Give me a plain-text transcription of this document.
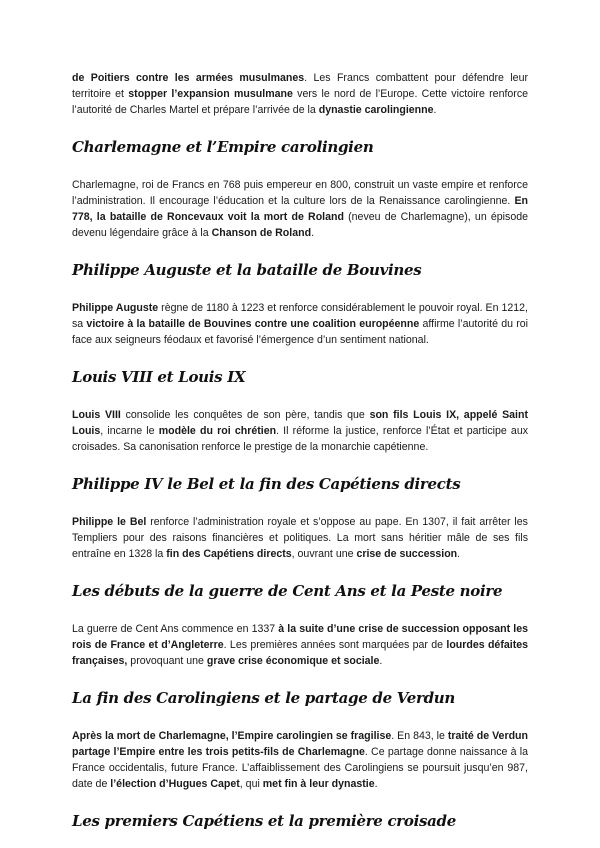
de Poitiers contre les armées musulmanes. Les Francs combattent pour défendre leur territoire et stopper l’expansion musulmane vers le nord de l’Europe. Cette victoire renforce l’autorité de Charles Martel et prépare l’arrivée de la dynastie carolingienne.

Charlemagne et l’Empire carolingien

Charlemagne, roi de Francs en 768 puis empereur en 800, construit un vaste empire et renforce l’administration. Il encourage l’éducation et la culture lors de la Renaissance carolingienne. En 778, la bataille de Roncevaux voit la mort de Roland (neveu de Charlemagne), un épisode devenu légendaire grâce à la Chanson de Roland.

Philippe Auguste et la bataille de Bouvines

Philippe Auguste règne de 1180 à 1223 et renforce considérablement le pouvoir royal. En 1212, sa victoire à la bataille de Bouvines contre une coalition européenne affirme l’autorité du roi face aux seigneurs féodaux et favorisé l’émergence d’un sentiment national.

Louis VIII et Louis IX

Louis VIII consolide les conquêtes de son père, tandis que son fils Louis IX, appelé Saint Louis, incarne le modèle du roi chrétien. Il réforme la justice, renforce l’État et participe aux croisades. Sa canonisation renforce le prestige de la monarchie capétienne.

Philippe IV le Bel et la fin des Capétiens directs

Philippe le Bel renforce l’administration royale et s’oppose au pape. En 1307, il fait arrêter les Templiers pour des raisons financières et politiques. La mort sans héritier mâle de ses fils entraîne en 1328 la fin des Capétiens directs, ouvrant une crise de succession.

Les débuts de la guerre de Cent Ans et la Peste noire

La guerre de Cent Ans commence en 1337 à la suite d’une crise de succession opposant les rois de France et d’Angleterre. Les premières années sont marquées par de lourdes défaites françaises, provoquant une grave crise économique et sociale.

La fin des Carolingiens et le partage de Verdun

Après la mort de Charlemagne, l’Empire carolingien se fragilise. En 843, le traité de Verdun partage l’Empire entre les trois petits-fils de Charlemagne. Ce partage donne naissance à la France occidentalis, future France. L’affaiblissement des Carolingiens se poursuit jusqu’en 987, date de l’élection d’Hugues Capet, qui met fin à leur dynastie.

Les premiers Capétiens et la première croisade
